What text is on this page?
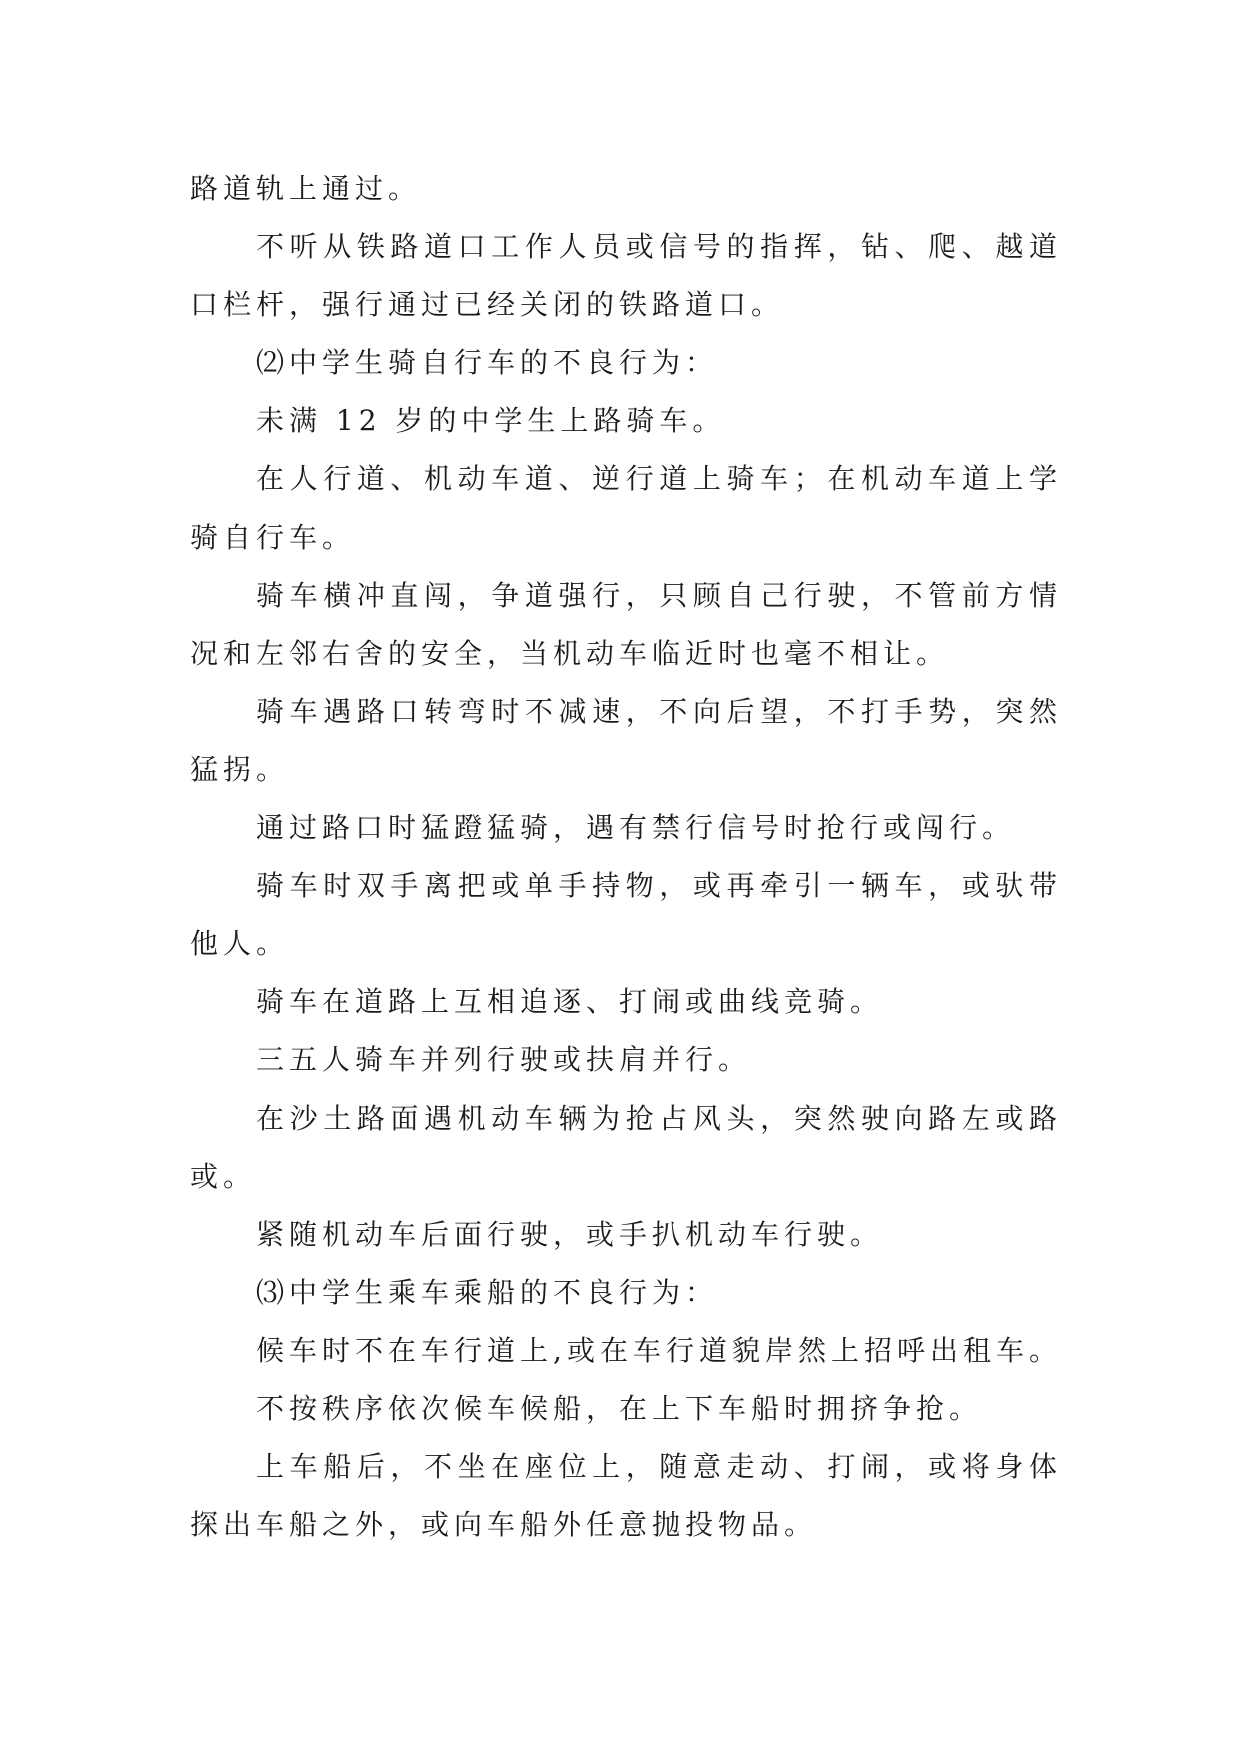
路道轨上通过。
不听从铁路道口工作人员或信号的指挥，钻、爬、越道
口栏杆，强行通过已经关闭的铁路道口。
⑵中学生骑自行车的不良行为：
未满 12 岁的中学生上路骑车。
在人行道、机动车道、逆行道上骑车；在机动车道上学
骑自行车。
骑车横冲直闯，争道强行，只顾自己行驶，不管前方情
况和左邻右舍的安全，当机动车临近时也毫不相让。
骑车遇路口转弯时不减速，不向后望，不打手势，突然
猛拐。
通过路口时猛蹬猛骑，遇有禁行信号时抢行或闯行。
骑车时双手离把或单手持物，或再牵引一辆车，或驮带
他人。
骑车在道路上互相追逐、打闹或曲线竞骑。
三五人骑车并列行驶或扶肩并行。
在沙土路面遇机动车辆为抢占风头，突然驶向路左或路
或。
紧随机动车后面行驶，或手扒机动车行驶。
⑶中学生乘车乘船的不良行为：
候车时不在车行道上,或在车行道貌岸然上招呼出租车。
不按秩序依次候车候船，在上下车船时拥挤争抢。
上车船后，不坐在座位上，随意走动、打闹，或将身体
探出车船之外，或向车船外任意抛投物品。
